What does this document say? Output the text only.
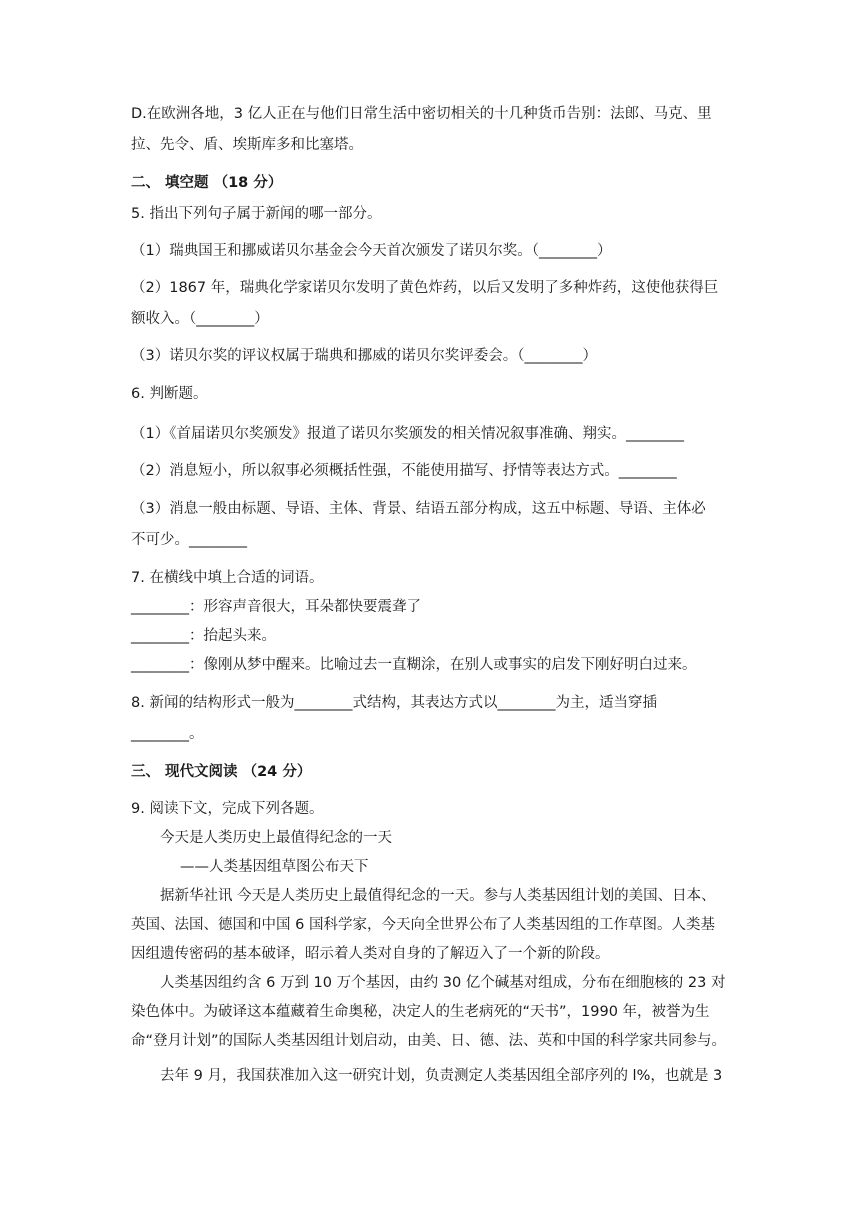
D.在欧洲各地，3 亿人正在与他们日常生活中密切相关的十几种货币告别：法郎、马克、里
拉、先令、盾、埃斯库多和比塞塔。
二、 填空题 （18 分）
5. 指出下列句子属于新闻的哪一部分。
（1）瑞典国王和挪威诺贝尔基金会今天首次颁发了诺贝尔奖。（________）
（2）1867 年，瑞典化学家诺贝尔发明了黄色炸药，以后又发明了多种炸药，这使他获得巨
额收入。（________）
（3）诺贝尔奖的评议权属于瑞典和挪威的诺贝尔奖评委会。（________）
6. 判断题。
（1）《首届诺贝尔奖颁发》报道了诺贝尔奖颁发的相关情况叙事准确、翔实。________
（2）消息短小，所以叙事必须概括性强，不能使用描写、抒情等表达方式。________
（3）消息一般由标题、导语、主体、背景、结语五部分构成，这五中标题、导语、主体必
不可少。________
7. 在横线中填上合适的词语。
________：形容声音很大，耳朵都快要震聋了
________：抬起头来。
________：像刚从梦中醒来。比喻过去一直糊涂，在别人或事实的启发下刚好明白过来。
8. 新闻的结构形式一般为________式结构，其表达方式以________为主，适当穿插
________。
三、 现代文阅读 （24 分）
9. 阅读下文，完成下列各题。
今天是人类历史上最值得纪念的一天
——人类基因组草图公布天下
据新华社讯 今天是人类历史上最值得纪念的一天。参与人类基因组计划的美国、日本、
英国、法国、德国和中国 6 国科学家，今天向全世界公布了人类基因组的工作草图。人类基
因组遗传密码的基本破译，昭示着人类对自身的了解迈入了一个新的阶段。
人类基因组约含 6 万到 10 万个基因，由约 30 亿个碱基对组成，分布在细胞核的 23 对
染色体中。为破译这本蕴藏着生命奥秘，决定人的生老病死的“天书”，1990 年，被誉为生
命“登月计划”的国际人类基因组计划启动，由美、日、德、法、英和中国的科学家共同参与。
去年 9 月，我国获准加入这一研究计划，负责测定人类基因组全部序列的 l%，也就是 3
